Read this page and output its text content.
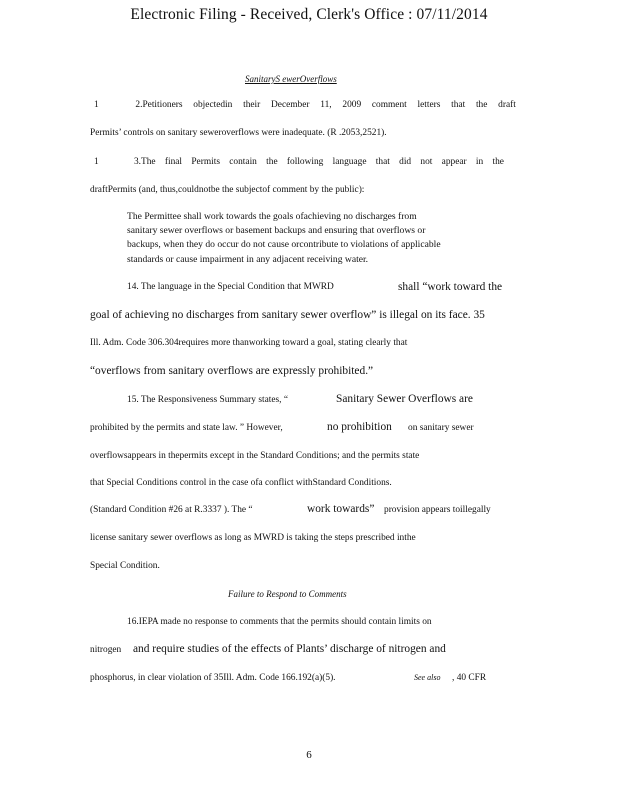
Electronic Filing - Received, Clerk's Office : 07/11/2014
SanitaryS ewerOverflows
1	2.Petitioners objectedin their December 11, 2009 comment letters that the draft
Permits’ controls on sanitary seweroverflows were inadequate. (R .2053,2521).
1	3.The final Permits contain the following language that did not appear in the
draftPermits (and, thus,couldnotbe the subjectof comment by the public):
The Permittee shall work towards the goals ofachieving no discharges from
sanitary sewer overflows or basement backups and ensuring that overflows or
backups, when they do occur do not cause orcontribute to violations of applicable
standards or cause impairment in any adjacent receiving water.
14. The language in the Special Condition that MWRD	shall “work toward the
goal of achieving no discharges from sanitary sewer overflow” is illegal on its face. 35
Ill. Adm. Code 306.304requires more thanworking toward a goal, stating clearly that
“overflows from sanitary overflows are expressly prohibited.”
15. The Responsiveness Summary states, “	Sanitary Sewer Overflows are
prohibited by the permits and state law. ” However,	no prohibition on sanitary sewer
overflowsappears in thepermits except in the Standard Conditions; and the permits state
that Special Conditions control in the case ofa conflict withStandard Conditions.
(Standard Condition #26 at R.3337 ). The “	work towards” provision appears toillegally
license sanitary sewer overflows as long as MWRD is taking the steps prescribed inthe
Special Condition.
Failure to Respond to Comments
16.IEPA made no response to comments that the permits should contain limits on
nitrogen and require studies of the effects of Plants’ discharge of nitrogen and
phosphorus, in clear violation of 35Ill. Adm. Code 166.192(a)(5).	See also , 40 CFR
6
